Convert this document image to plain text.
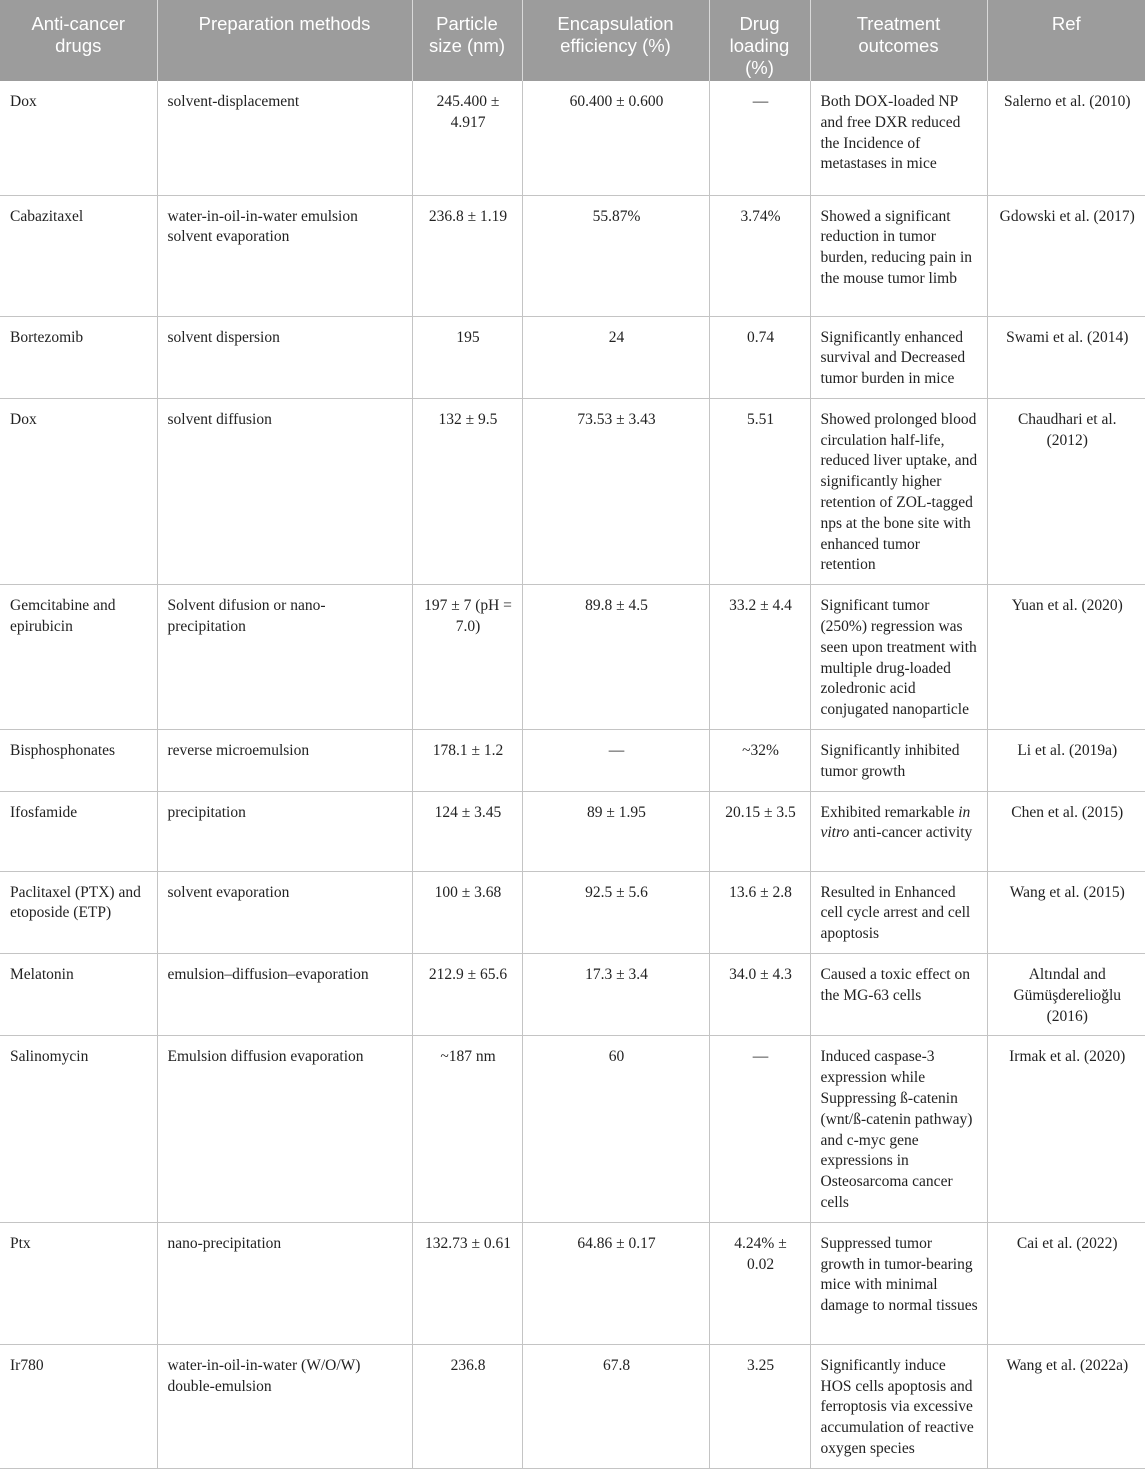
Anti-cancer drugs	Preparation methods	Particle size (nm)	Encapsulation efficiency (%)	Drug loading (%)	Treatment outcomes	Ref
Dox	solvent-displacement	245.400 ± 4.917	60.400 ± 0.600	—	Both DOX-loaded NP and free DXR reduced the Incidence of metastases in mice	Salerno et al. (2010)
Cabazitaxel	water-in-oil-in-water emulsion solvent evaporation	236.8 ± 1.19	55.87%	3.74%	Showed a significant reduction in tumor burden, reducing pain in the mouse tumor limb	Gdowski et al. (2017)
Bortezomib	solvent dispersion	195	24	0.74	Significantly enhanced survival and Decreased tumor burden in mice	Swami et al. (2014)
Dox	solvent diffusion	132 ± 9.5	73.53 ± 3.43	5.51	Showed prolonged blood circulation half-life, reduced liver uptake, and significantly higher retention of ZOL-tagged nps at the bone site with enhanced tumor retention	Chaudhari et al. (2012)
Gemcitabine and epirubicin	Solvent difusion or nano-precipitation	197 ± 7 (pH = 7.0)	89.8 ± 4.5	33.2 ± 4.4	Significant tumor (250%) regression was seen upon treatment with multiple drug-loaded zoledronic acid conjugated nanoparticle	Yuan et al. (2020)
Bisphosphonates	reverse microemulsion	178.1 ± 1.2	—	~32%	Significantly inhibited tumor growth	Li et al. (2019a)
Ifosfamide	precipitation	124 ± 3.45	89 ± 1.95	20.15 ± 3.5	Exhibited remarkable in vitro anti-cancer activity	Chen et al. (2015)
Paclitaxel (PTX) and etoposide (ETP)	solvent evaporation	100 ± 3.68	92.5 ± 5.6	13.6 ± 2.8	Resulted in Enhanced cell cycle arrest and cell apoptosis	Wang et al. (2015)
Melatonin	emulsion–diffusion–evaporation	212.9 ± 65.6	17.3 ± 3.4	34.0 ± 4.3	Caused a toxic effect on the MG-63 cells	Altındal and Gümüşderelioğlu (2016)
Salinomycin	Emulsion diffusion evaporation	~187 nm	60	—	Induced caspase-3 expression while Suppressing ß-catenin (wnt/ß-catenin pathway) and c-myc gene expressions in Osteosarcoma cancer cells	Irmak et al. (2020)
Ptx	nano-precipitation	132.73 ± 0.61	64.86 ± 0.17	4.24% ± 0.02	Suppressed tumor growth in tumor-bearing mice with minimal damage to normal tissues	Cai et al. (2022)
Ir780	water-in-oil-in-water (W/O/W) double-emulsion	236.8	67.8	3.25	Significantly induce HOS cells apoptosis and ferroptosis via excessive accumulation of reactive oxygen species	Wang et al. (2022a)
